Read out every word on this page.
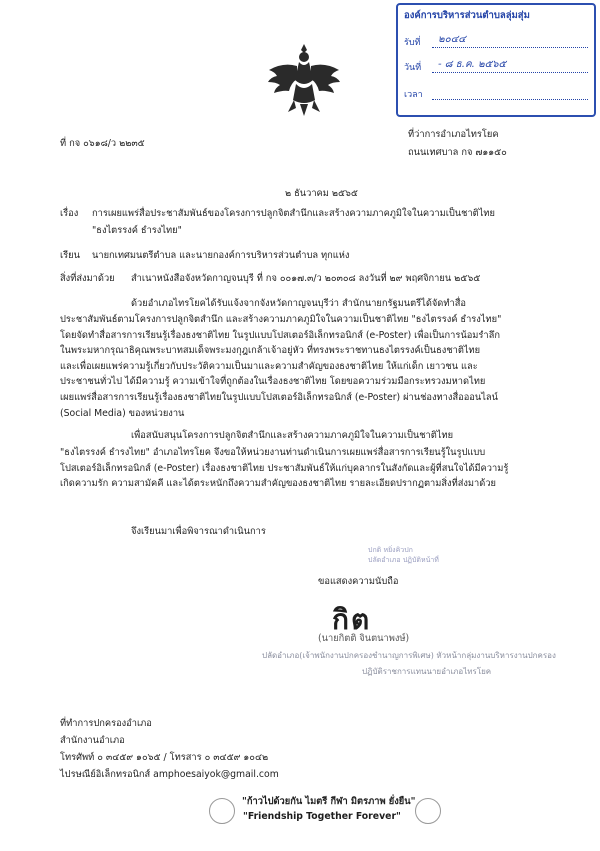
องค์การบริหารส่วนตำบลลุ่มสุ่ม
รับที่ ๒๐๔๔
วันที่ - ๘ ธ.ค. ๒๕๖๕
เวลา
ที่ กจ ๐๖๑๘/ว ๒๒๓๕
ที่ว่าการอำเภอไทรโยค
ถนนเทศบาล กจ ๗๑๑๕๐
๒ ธันวาคม ๒๕๖๕
เรื่อง การเผยแพร่สื่อประชาสัมพันธ์ของโครงการปลูกจิตสำนึกและสร้างความภาคภูมิใจในความเป็นชาติไทย
"ธงไตรรงค์ ธำรงไทย"
เรียน นายกเทศมนตรีตำบล และนายกองค์การบริหารส่วนตำบล ทุกแห่ง
สิ่งที่ส่งมาด้วย สำเนาหนังสือจังหวัดกาญจนบุรี ที่ กจ ๐๐๑๗.๓/ว ๒๐๓๐๘ ลงวันที่ ๒๙ พฤศจิกายน ๒๕๖๕
ด้วยอำเภอไทรโยคได้รับแจ้งจากจังหวัดกาญจนบุรีว่า สำนักนายกรัฐมนตรีได้จัดทำสื่อ
ประชาสัมพันธ์ตามโครงการปลูกจิตสำนึก และสร้างความภาคภูมิใจในความเป็นชาติไทย "ธงไตรรงค์ ธำรงไทย"
โดยจัดทำสื่อสารการเรียนรู้เรื่องธงชาติไทย ในรูปแบบโปสเตอร์อิเล็กทรอนิกส์ (e-Poster) เพื่อเป็นการน้อมรำลึก
ในพระมหากรุณาธิคุณพระบาทสมเด็จพระมงกุฎเกล้าเจ้าอยู่หัว ที่ทรงพระราชทานธงไตรรงค์เป็นธงชาติไทย
และเพื่อเผยแพร่ความรู้เกี่ยวกับประวัติความเป็นมาและความสำคัญของธงชาติไทย ให้แก่เด็ก เยาวชน และ
ประชาชนทั่วไป ได้มีความรู้ ความเข้าใจที่ถูกต้องในเรื่องธงชาติไทย โดยขอความร่วมมือกระทรวงมหาดไทย
เผยแพร่สื่อสารการเรียนรู้เรื่องธงชาติไทยในรูปแบบโปสเตอร์อิเล็กทรอนิกส์ (e-Poster) ผ่านช่องทางสื่อออนไลน์
(Social Media) ของหน่วยงาน
เพื่อสนับสนุนโครงการปลูกจิตสำนึกและสร้างความภาคภูมิใจในความเป็นชาติไทย
"ธงไตรรงค์ ธำรงไทย" อำเภอไทรโยค จึงขอให้หน่วยงานท่านดำเนินการเผยแพร่สื่อสารการเรียนรู้ในรูปแบบ
โปสเตอร์อิเล็กทรอนิกส์ (e-Poster) เรื่องธงชาติไทย ประชาสัมพันธ์ให้แก่บุคลากรในสังกัดและผู้ที่สนใจได้มีความรู้
เกิดความรัก ความสามัคคี และได้ตระหนักถึงความสำคัญของธงชาติไทย รายละเอียดปรากฏตามสิ่งที่ส่งมาด้วย
จึงเรียนมาเพื่อพิจารณาดำเนินการ
ปกติ หยิ่งคิวปก
ปลัดอำเภอ ปฏิบัติหน้าที่
ขอแสดงความนับถือ
กิต
(นายกิตติ จินตนาพงษ์)
ปลัดอำเภอ(เจ้าพนักงานปกครองชำนาญการพิเศษ) หัวหน้ากลุ่มงานบริหารงานปกครอง
ปฏิบัติราชการแทนนายอำเภอไทรโยค
ที่ทำการปกครองอำเภอ
สำนักงานอำเภอ
โทรศัพท์ ๐ ๓๔๕๙ ๑๐๖๕ / โทรสาร ๐ ๓๔๕๙ ๑๐๔๒
ไปรษณีย์อิเล็กทรอนิกส์ amphoesaiyok@gmail.com
"ก้าวไปด้วยกัน ไมตรี กีฬา มิตรภาพ ยั่งยืน"
"Friendship Together Forever"
